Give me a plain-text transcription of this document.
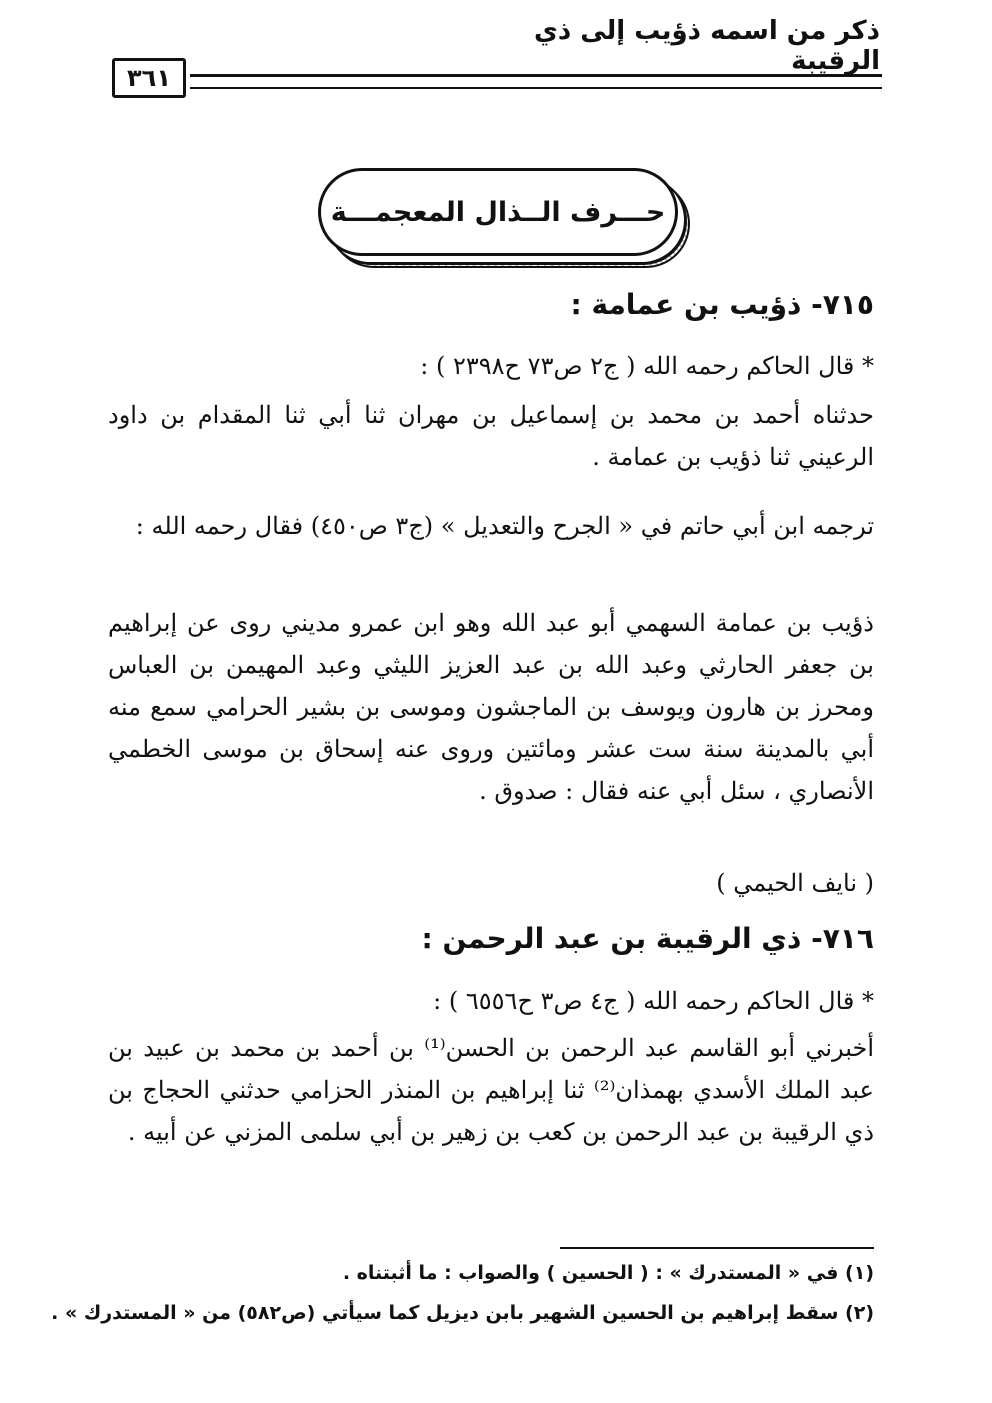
ذكر من اسمه ذؤيب إلى ذي الرقيبة
٣٦١
حـــرف الــذال المعجمـــة
٧١٥- ذؤيب بن عمامة :
* قال الحاكم رحمه الله ( ج٢ ص٧٣ ح٢٣٩٨ ) :
حدثناه أحمد بن محمد بن إسماعيل بن مهران ثنا أبي ثنا المقدام بن داود الرعيني ثنا ذؤيب بن عمامة .
ترجمه ابن أبي حاتم في « الجرح والتعديل » (ج٣ ص٤٥٠) فقال رحمه الله :
ذؤيب بن عمامة السهمي أبو عبد الله وهو ابن عمرو مديني روى عن إبراهيم بن جعفر الحارثي وعبد الله بن عبد العزيز الليثي وعبد المهيمن بن العباس ومحرز بن هارون ويوسف بن الماجشون وموسى بن بشير الحرامي سمع منه أبي بالمدينة سنة ست عشر ومائتين وروى عنه إسحاق بن موسى الخطمي الأنصاري ، سئل أبي عنه فقال : صدوق .
( نايف الحيمي )
٧١٦- ذي الرقيبة بن عبد الرحمن :
* قال الحاكم رحمه الله ( ج٤ ص٣ ح٦٥٥٦ ) :
أخبرني أبو القاسم عبد الرحمن بن الحسن⁽¹⁾ بن أحمد بن محمد بن عبيد بن عبد الملك الأسدي بهمذان⁽²⁾ ثنا إبراهيم بن المنذر الحزامي حدثني الحجاج بن ذي الرقيبة بن عبد الرحمن بن كعب بن زهير بن أبي سلمى المزني عن أبيه .
(١) في « المستدرك » : ( الحسين ) والصواب : ما أثبتناه .
(٢) سقط إبراهيم بن الحسين الشهير بابن ديزيل كما سيأتي (ص٥٨٢) من « المستدرك » .
